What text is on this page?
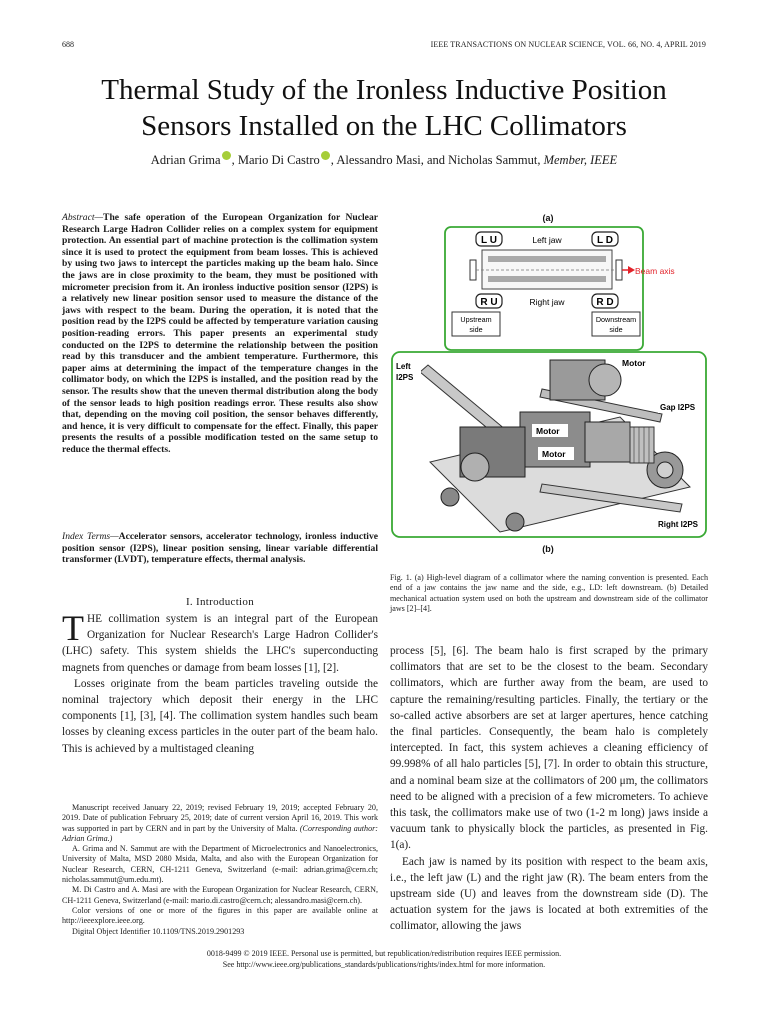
688	IEEE TRANSACTIONS ON NUCLEAR SCIENCE, VOL. 66, NO. 4, APRIL 2019
Thermal Study of the Ironless Inductive Position
Sensors Installed on the LHC Collimators
Adrian Grima , Mario Di Castro , Alessandro Masi, and Nicholas Sammut, Member, IEEE
Abstract—The safe operation of the European Organization for Nuclear Research Large Hadron Collider relies on a complex system for equipment protection. An essential part of machine protection is the collimation system since it is used to protect the equipment from beam losses. This is achieved by using two jaws to intercept the particles making up the beam halo. Since the jaws are in close proximity to the beam, they must be positioned with micrometer precision from it. An ironless inductive position sensor (I2PS) is a relatively new linear position sensor used to measure the distance of the jaws with respect to the beam. During the operation, it is noted that the position read by the I2PS could be affected by temperature variation causing position-reading errors. This paper presents an experimental study conducted on the I2PS to determine the relationship between the position read by this transducer and the ambient temperature. Furthermore, this paper aims at determining the impact of the temperature changes in the collimator body, on which the I2PS is installed, and the position read by the sensor. The results show that the uneven thermal distribution along the body of the sensor leads to high position readings error. These results also show that, depending on the moving coil position, the sensor behaves differently, and hence, it is very difficult to compensate for the effect. Finally, this paper presents the results of a possible modification tested on the same setup to reduce the thermal effects.
Index Terms—Accelerator sensors, accelerator technology, ironless inductive position sensor (I2PS), linear position sensing, linear variable differential transformer (LVDT), temperature effects, thermal analysis.
I. Introduction

THE collimation system is an integral part of the European Organization for Nuclear Research's Large Hadron Collider's (LHC) safety. This system shields the LHC's superconducting magnets from quenches or damage from beam losses [1], [2].

Losses originate from the beam particles traveling outside the nominal trajectory which deposit their energy in the LHC components [1], [3], [4]. The collimation system handles such beam losses by cleaning excess particles in the outer part of the beam halo. This is achieved by a multistaged cleaning

Manuscript received January 22, 2019; revised February 19, 2019; accepted February 20, 2019. Date of publication February 25, 2019; date of current version April 16, 2019. This work was supported in part by CERN and in part by the University of Malta. (Corresponding author: Adrian Grima.)

A. Grima and N. Sammut are with the Department of Microelectronics and Nanoelectronics, University of Malta, MSD 2080 Msida, Malta, and also with the European Organization for Nuclear Research, CERN, CH-1211 Geneva, Switzerland (e-mail: adrian.grima@cern.ch; nicholas.sammut@um.edu.mt).

M. Di Castro and A. Masi are with the European Organization for Nuclear Research, CERN, CH-1211 Geneva, Switzerland (e-mail: mario.di.castro@cern.ch; alessandro.masi@cern.ch).

Color versions of one or more of the figures in this paper are available online at http://ieeexplore.ieee.org.

Digital Object Identifier 10.1109/TNS.2019.2901293

(a)
L U	L D
Left jaw
Beam axis
R U	R D
Right jaw
Upstream
side
Downstream
side
Left
I2PS
Motor
Motor
Motor
Gap I2PS
Right I2PS
(b)
Fig. 1. (a) High-level diagram of a collimator where the naming convention is presented. Each end of a jaw contains the jaw name and the side, e.g., LD: left downstream. (b) Detailed mechanical actuation system used on both the upstream and downstream side of the collimator jaws [2]–[4].

process [5], [6]. The beam halo is first scraped by the primary collimators that are set to be the closest to the beam. Secondary collimators, which are further away from the beam, are used to capture the remaining/resulting particles. Finally, the tertiary or the so-called active absorbers are set at larger apertures, hence catching the final particles. Consequently, the beam halo is completely intercepted. In fact, this system achieves a cleaning efficiency of 99.998% of all halo particles [5], [7]. In order to obtain this structure, and a nominal beam size at the collimators of 200 μm, the collimators need to be aligned with a precision of a few micrometers. To achieve this task, the collimators make use of two (1-2 m long) jaws inside a vacuum tank to physically block the particles, as presented in Fig. 1(a).

Each jaw is named by its position with respect to the beam axis, i.e., the left jaw (L) and the right jaw (R). The beam enters from the upstream side (U) and leaves from the downstream side (D). The actuation system for the jaws is located at both extremities of the collimator, allowing the jaws

0018-9499 © 2019 IEEE. Personal use is permitted, but republication/redistribution requires IEEE permission.
See http://www.ieee.org/publications_standards/publications/rights/index.html for more information.
